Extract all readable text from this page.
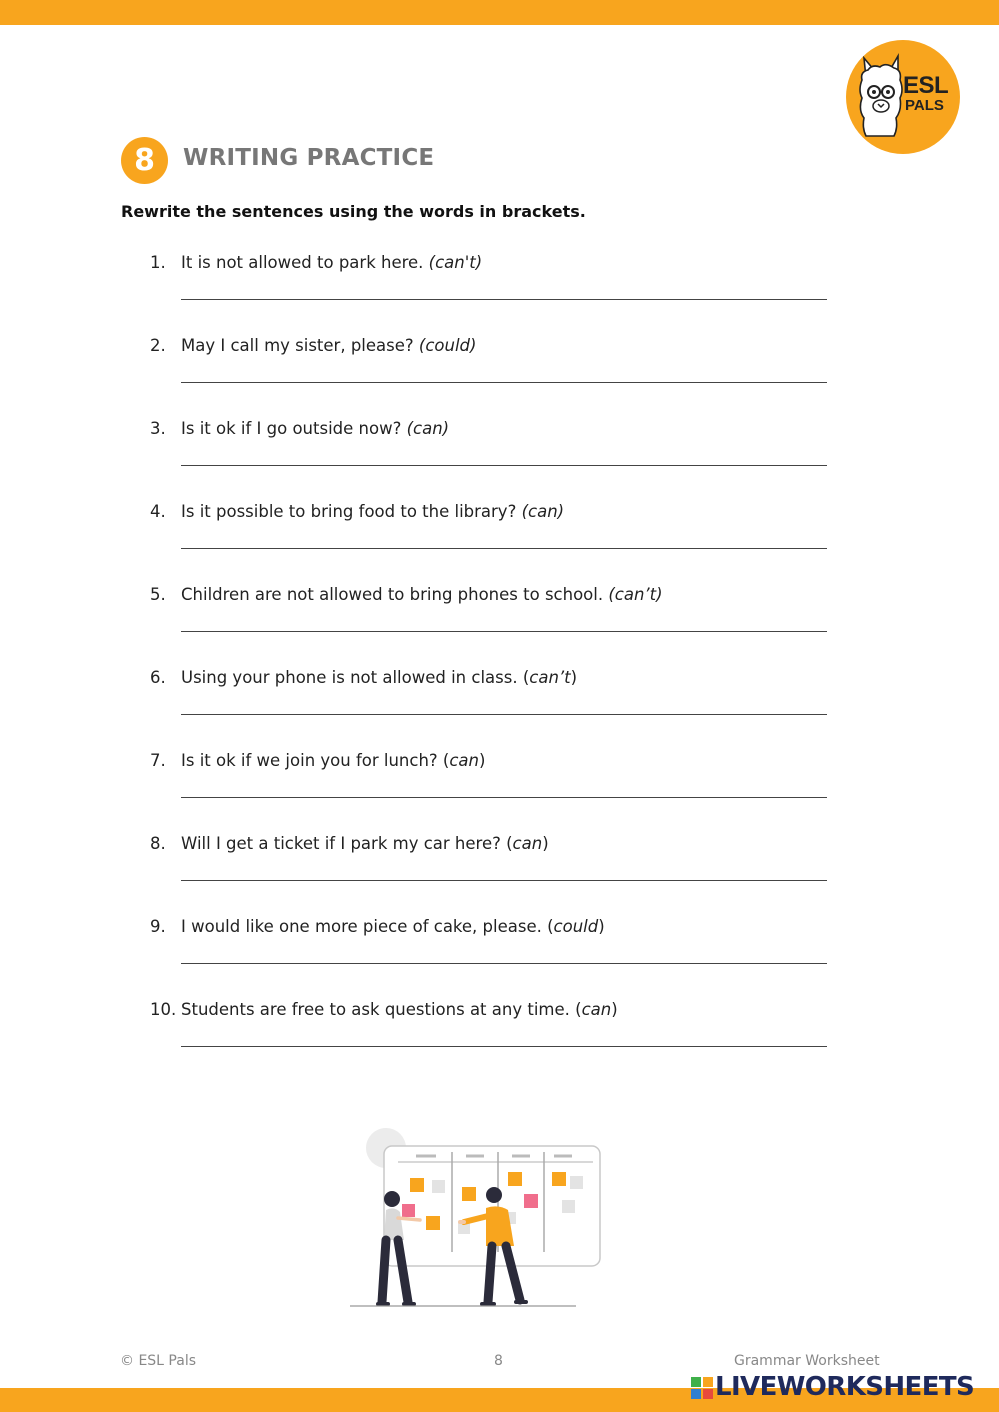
ESL
PALS
8	WRITING PRACTICE
Rewrite the sentences using the words in brackets.
1. It is not allowed to park here. (can't)
2. May I call my sister, please? (could)
3. Is it ok if I go outside now? (can)
4. Is it possible to bring food to the library? (can)
5. Children are not allowed to bring phones to school. (can’t)
6. Using your phone is not allowed in class. (can’t)
7. Is it ok if we join you for lunch? (can)
8. Will I get a ticket if I park my car here? (can)
9. I would like one more piece of cake, please. (could)
10. Students are free to ask questions at any time. (can)
© ESL Pals	8	Grammar Worksheet
LIVEWORKSHEETS
